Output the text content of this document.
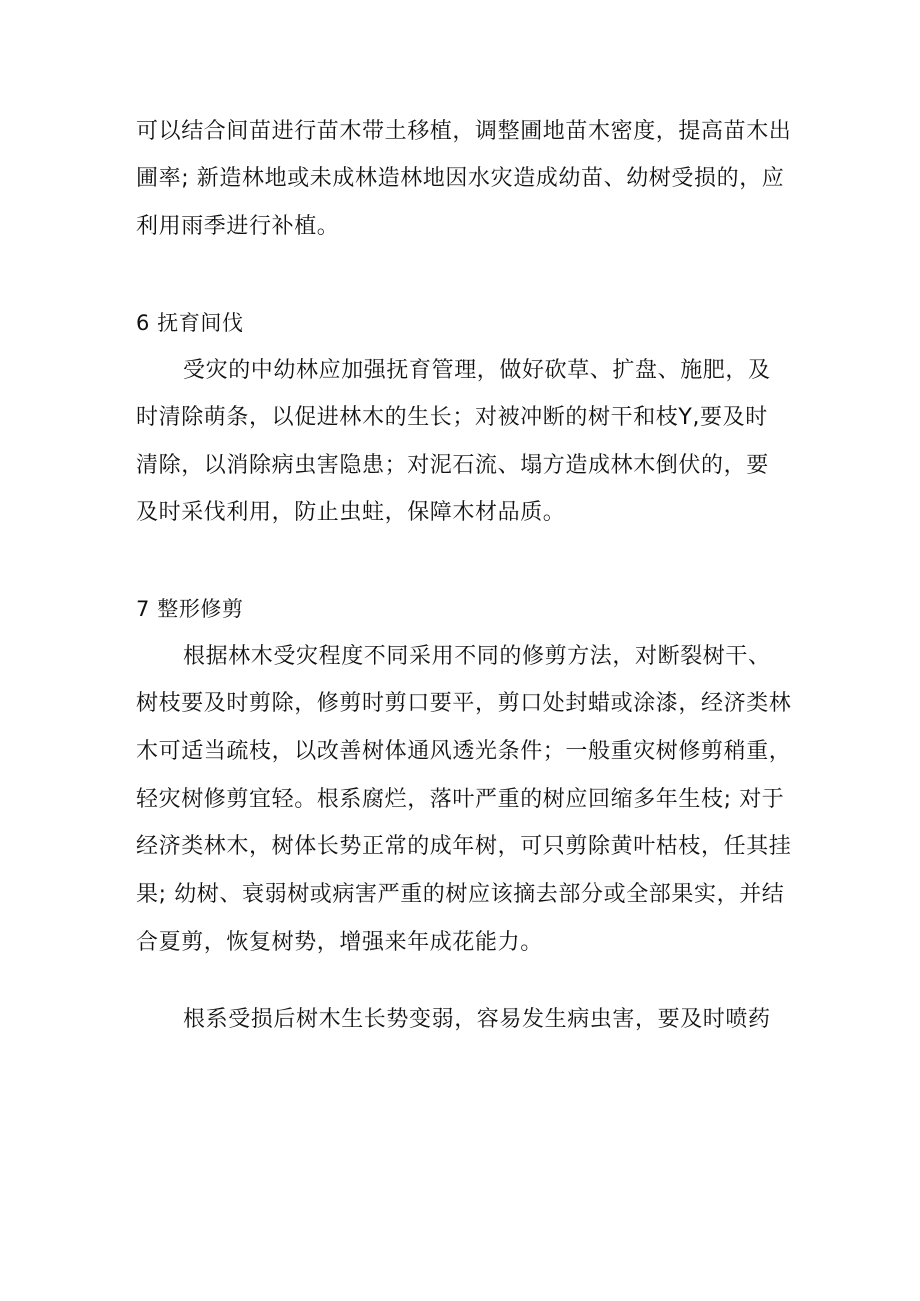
可以结合间苗进行苗木带土移植，调整圃地苗木密度，提高苗木出
圃率; 新造林地或未成林造林地因水灾造成幼苗、幼树受损的，应
利用雨季进行补植。
6 抚育间伐
受灾的中幼林应加强抚育管理，做好砍草、扩盘、施肥，及
时清除萌条，以促进林木的生长；对被冲断的树干和枝Y,要及时
清除，以消除病虫害隐患；对泥石流、塌方造成林木倒伏的，要
及时采伐利用，防止虫蛀，保障木材品质。
7 整形修剪
根据林木受灾程度不同采用不同的修剪方法，对断裂树干、
树枝要及时剪除，修剪时剪口要平，剪口处封蜡或涂漆，经济类林
木可适当疏枝，以改善树体通风透光条件；一般重灾树修剪稍重，
轻灾树修剪宜轻。根系腐烂，落叶严重的树应回缩多年生枝; 对于
经济类林木，树体长势正常的成年树，可只剪除黄叶枯枝，任其挂
果; 幼树、衰弱树或病害严重的树应该摘去部分或全部果实，并结
合夏剪，恢复树势，增强来年成花能力。
根系受损后树木生长势变弱，容易发生病虫害，要及时喷药
